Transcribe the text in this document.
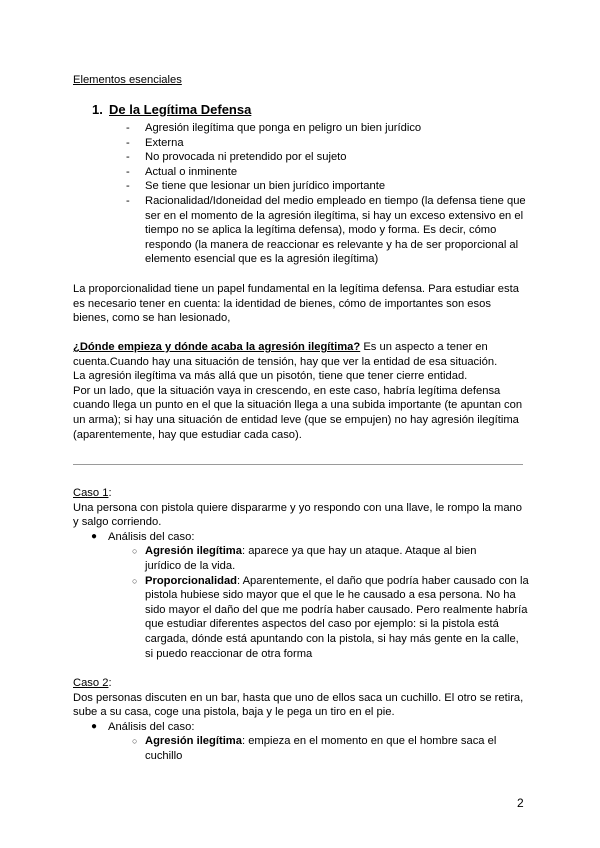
Elementos esenciales
1. De la Legítima Defensa
- Agresión ilegítima que ponga en peligro un bien jurídico
- Externa
- No provocada ni pretendido por el sujeto
- Actual o inminente
- Se tiene que lesionar un bien jurídico importante
- Racionalidad/Idoneidad del medio empleado en tiempo (la defensa tiene que ser en el momento de la agresión ilegítima, si hay un exceso extensivo en el tiempo no se aplica la legítima defensa), modo y forma. Es decir, cómo respondo (la manera de reaccionar es relevante y ha de ser proporcional al elemento esencial que es la agresión ilegítima)

La proporcionalidad tiene un papel fundamental en la legítima defensa. Para estudiar esta es necesario tener en cuenta: la identidad de bienes, cómo de importantes son esos bienes, como se han lesionado,

¿Dónde empieza y dónde acaba la agresión ilegítima? Es un aspecto a tener en cuenta.Cuando hay una situación de tensión, hay que ver la entidad de esa situación.

La agresión ilegítima va más allá que un pisotón, tiene que tener cierre entidad.

Por un lado, que la situación vaya in crescendo, en este caso, habría legítima defensa cuando llega un punto en el que la situación llega a una subida importante (te apuntan con un arma); si hay una situación de entidad leve (que se empujen) no hay agresión ilegítima (aparentemente, hay que estudiar cada caso).

Caso 1:

Una persona con pistola quiere dispararme y yo respondo con una llave, le rompo la mano y salgo corriendo.

● Análisis del caso:
○ Agresión ilegítima: aparece ya que hay un ataque. Ataque al bien jurídico de la vida.
○ Proporcionalidad: Aparentemente, el daño que podría haber causado con la pistola hubiese sido mayor que el que le he causado a esa persona. No ha sido mayor el daño del que me podría haber causado. Pero realmente habría que estudiar diferentes aspectos del caso por ejemplo: si la pistola está cargada, dónde está apuntando con la pistola, si hay más gente en la calle, si puedo reaccionar de otra forma

Caso 2:

Dos personas discuten en un bar, hasta que uno de ellos saca un cuchillo. El otro se retira, sube a su casa, coge una pistola, baja y le pega un tiro en el pie.

● Análisis del caso:
○ Agresión ilegítima: empieza en el momento en que el hombre saca el cuchillo
2
